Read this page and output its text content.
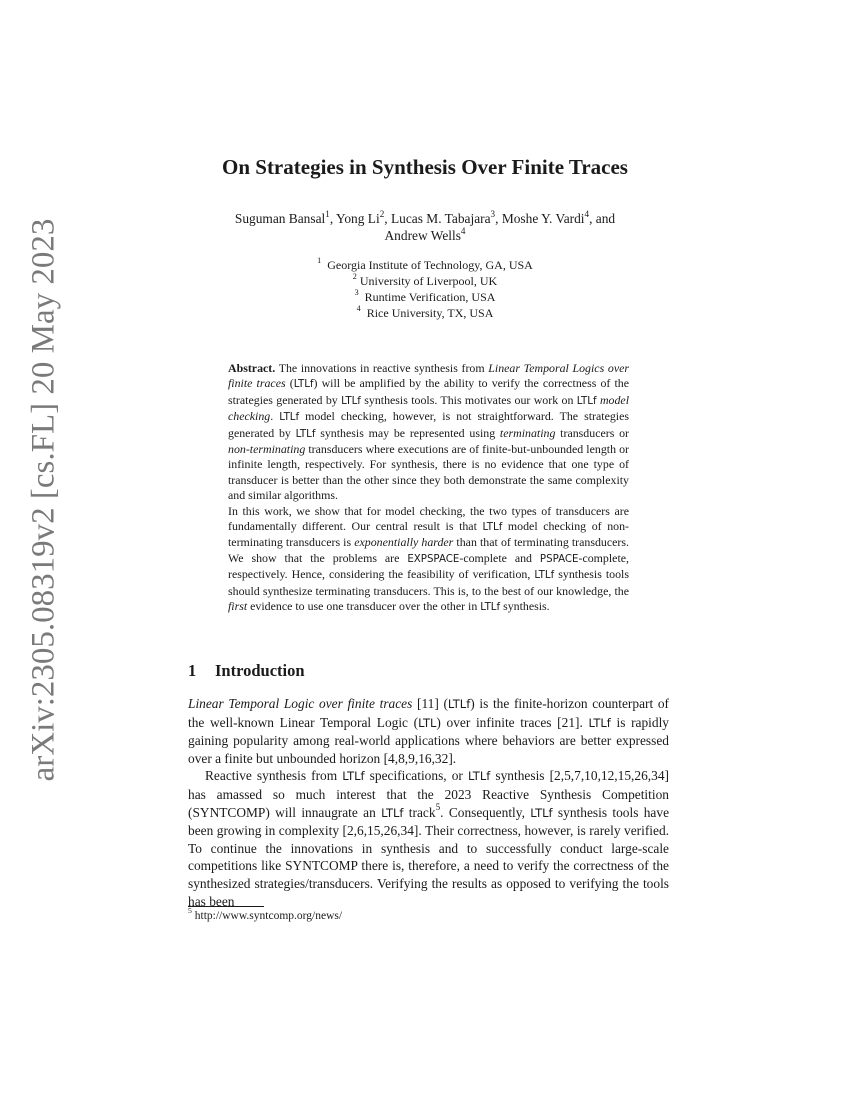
arXiv:2305.08319v2 [cs.FL] 20 May 2023
On Strategies in Synthesis Over Finite Traces
Suguman Bansal$^1$, Yong Li$^2$, Lucas M. Tabajara$^3$, Moshe Y. Vardi$^4$, and
Andrew Wells$^4$
$^1$ Georgia Institute of Technology, GA, USA
$^2$ University of Liverpool, UK
$^3$ Runtime Verification, USA
$^4$ Rice University, TX, USA

Abstract. The innovations in reactive synthesis from Linear Temporal Logics over finite traces (LTLf) will be amplified by the ability to verify the correctness of the strategies generated by LTLf synthesis tools. This motivates our work on LTLf model checking. LTLf model checking, however, is not straightforward. The strategies generated by LTLf synthesis may be represented using terminating transducers or non-terminating transducers where executions are of finite-but-unbounded length or infinite length, respectively. For synthesis, there is no evidence that one type of transducer is better than the other since they both demonstrate the same complexity and similar algorithms.

In this work, we show that for model checking, the two types of transducers are fundamentally different. Our central result is that LTLf model checking of non-terminating transducers is exponentially harder than that of terminating transducers. We show that the problems are EXPSPACE-complete and PSPACE-complete, respectively. Hence, considering the feasibility of verification, LTLf synthesis tools should synthesize terminating transducers. This is, to the best of our knowledge, the first evidence to use one transducer over the other in LTLf synthesis.

1 Introduction

Linear Temporal Logic over finite traces [11] (LTLf) is the finite-horizon counterpart of the well-known Linear Temporal Logic (LTL) over infinite traces [21]. LTLf is rapidly gaining popularity among real-world applications where behaviors are better expressed over a finite but unbounded horizon [4,8,9,16,32].

Reactive synthesis from LTLf specifications, or LTLf synthesis [2,5,7,10,12,15,26,34] has amassed so much interest that the 2023 Reactive Synthesis Competition (SYNTCOMP) will innaugrate an LTLf track$^5$. Consequently, LTLf synthesis tools have been growing in complexity [2,6,15,26,34]. Their correctness, however, is rarely verified. To continue the innovations in synthesis and to successfully conduct large-scale competitions like SYNTCOMP there is, therefore, a need to verify the correctness of the synthesized strategies/transducers. Verifying the results as opposed to verifying the tools has been

$^5$ http://www.syntcomp.org/news/
